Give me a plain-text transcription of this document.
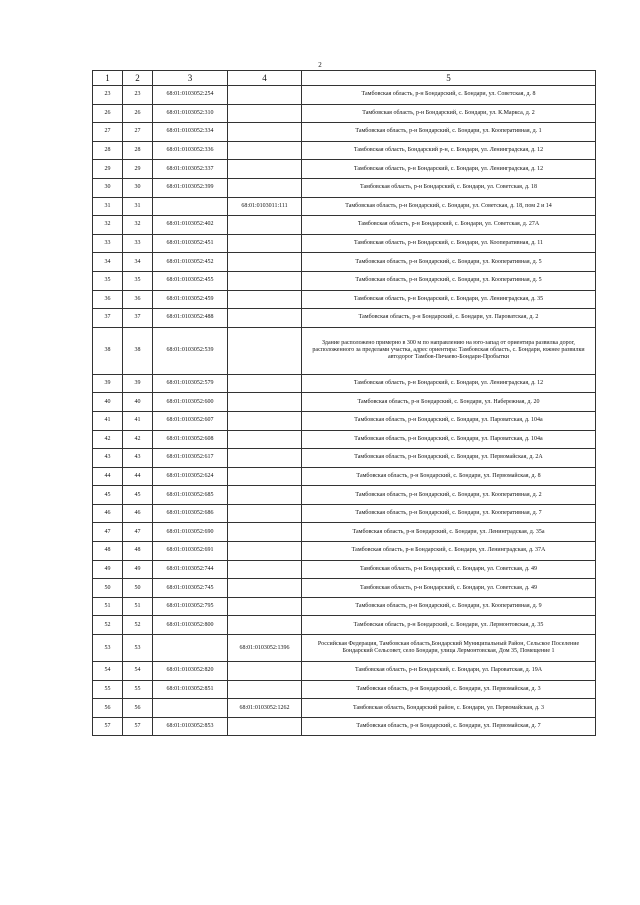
2
1	2	3	4	5
23	23	68:01:0103052:254		Тамбовская область, р-н Бондарский, с. Бондари, ул. Советская, д. 8
26	26	68:01:0103052:310		Тамбовская область, р-н Бондарский, с. Бондари, ул. К.Маркса, д. 2
27	27	68:01:0103052:334		Тамбовская область, р-н Бондарский, с. Бондари, ул. Кооперативная, д. 1
28	28	68:01:0103052:336		Тамбовская область, Бондарский р-н, с. Бондари, ул. Ленинградская, д. 12
29	29	68:01:0103052:337		Тамбовская область, р-н Бондарский, с. Бондари, ул. Ленинградская, д. 12
30	30	68:01:0103052:399		Тамбовская область, р-н Бондарский, с. Бондари, ул. Советская, д. 18
31	31		68:01:0103011:111	Тамбовская область, р-н Бондарский, с. Бондари, ул. Советская, д. 18, пом 2 и 14
32	32	68:01:0103052:402		Тамбовская область, р-н Бондарский, с. Бондари, ул. Советская, д. 27А
33	33	68:01:0103052:451		Тамбовская область, р-н Бондарский, с. Бондари, ул. Кооперативная, д. 11
34	34	68:01:0103052:452		Тамбовская область, р-н Бондарский, с. Бондари, ул. Кооперативная, д. 5
35	35	68:01:0103052:455		Тамбовская область, р-н Бондарский, с. Бондари, ул. Кооперативная, д. 5
36	36	68:01:0103052:459		Тамбовская область, р-н Бондарский, с. Бондари, ул. Ленинградская, д. 35
37	37	68:01:0103052:488		Тамбовская область, р-н Бондарский, с. Бондари, ул. Пароватская, д. 2
38	38	68:01:0103052:539		Здание расположено примерно в 300 м по направлению на юго-запад от ориентира развилка дорог, расположенного за пределами участка, адрес ориентира: Тамбовская область, с. Бондари, южнее развилки автодорог Тамбов-Пичаево-Бондари-Пробытки
39	39	68:01:0103052:579		Тамбовская область, р-н Бондарский, с. Бондари, ул. Ленинградская, д. 12
40	40	68:01:0103052:600		Тамбовская область, р-н Бондарский, с. Бондари, ул. Набережная, д. 20
41	41	68:01:0103052:607		Тамбовская область, р-н Бондарский, с. Бондари, ул. Пароватская, д. 104а
42	42	68:01:0103052:608		Тамбовская область, р-н Бондарский, с. Бондари, ул. Пароватская, д. 104а
43	43	68:01:0103052:617		Тамбовская область, р-н Бондарский, с. Бондари, ул. Первомайская, д. 2А
44	44	68:01:0103052:624		Тамбовская область, р-н Бондарский, с. Бондари, ул. Первомайская, д. 8
45	45	68:01:0103052:685		Тамбовская область, р-н Бондарский, с. Бондари, ул. Кооперативная, д. 2
46	46	68:01:0103052:686		Тамбовская область, р-н Бондарский, с. Бондари, ул. Кооперативная, д. 7
47	47	68:01:0103052:690		Тамбовская область, р-н Бондарский, с. Бондари, ул. Ленинградская, д. 35а
48	48	68:01:0103052:691		Тамбовская область, р-н Бондарский, с. Бондари, ул. Ленинградская, д. 37А
49	49	68:01:0103052:744		Тамбовская область, р-н Бондарский, с. Бондари, ул. Советская, д. 49
50	50	68:01:0103052:745		Тамбовская область, р-н Бондарский, с. Бондари, ул. Советская, д. 49
51	51	68:01:0103052:795		Тамбовская область, р-н Бондарский, с. Бондари, ул. Кооперативная, д. 9
52	52	68:01:0103052:800		Тамбовская область, р-н Бондарский, с. Бондари, ул. Лермонтовская, д. 35
53	53		68:01:0103052:1396	Российская Федерация, Тамбовская область,Бондарский Муниципальный Район, Сельское Поселение Бондарский Сельсовет, село Бондари, улица Лермонтовская, Дом 35, Помещение 1
54	54	68:01:0103052:820		Тамбовская область, р-н Бондарский, с. Бондари, ул. Пароватская, д. 19А
55	55	68:01:0103052:851		Тамбовская область, р-н Бондарский, с. Бондари, ул. Первомайская, д. 3
56	56		68:01:0103052:1262	Тамбовская область, Бондарский район, с. Бондари, ул. Первомайская, д. 3
57	57	68:01:0103052:853		Тамбовская область, р-н Бондарский, с. Бондари, ул. Первомайская, д. 7
